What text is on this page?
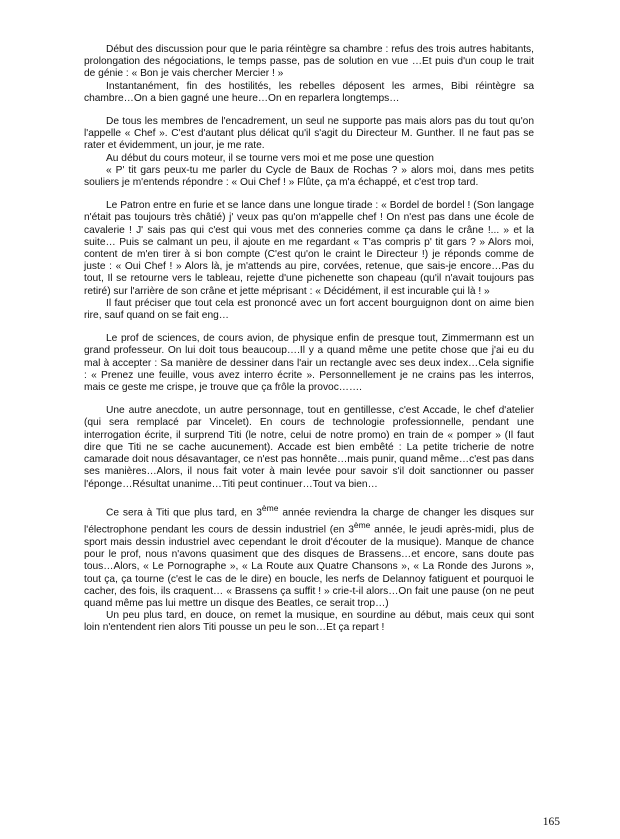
Début des discussion pour que le paria réintègre sa chambre : refus des trois autres habitants, prolongation des négociations, le temps passe, pas de solution en vue …Et puis d'un coup le trait de génie : « Bon je vais chercher Mercier ! »

Instantanément, fin des hostilités, les rebelles déposent les armes, Bibi réintègre sa chambre…On a bien gagné une heure…On en reparlera longtemps…

De tous les membres de l'encadrement, un seul ne supporte pas mais alors pas du tout qu'on l'appelle « Chef ». C'est d'autant plus délicat qu'il s'agit du Directeur M. Gunther. Il ne faut pas se rater et évidemment, un jour, je me rate.

Au début du cours moteur, il se tourne vers moi et me pose une question

« P' tit gars peux-tu me parler du Cycle de Baux de Rochas ? » alors moi, dans mes petits souliers je m'entends répondre : « Oui Chef ! » Flûte, ça m'a échappé, et c'est trop tard.

Le Patron entre en furie et se lance dans une longue tirade : « Bordel de bordel ! (Son langage n'était pas toujours très châtié) j' veux pas qu'on m'appelle chef ! On n'est pas dans une école de cavalerie ! J' sais pas qui c'est qui vous met des conneries comme ça dans le crâne !... » et la suite… Puis se calmant un peu, il ajoute en me regardant « T'as compris p' tit gars ? » Alors moi, content de m'en tirer à si bon compte (C'est qu'on le craint le Directeur !) je réponds comme de juste : « Oui Chef ! » Alors là, je m'attends au pire, corvées, retenue, que sais-je encore…Pas du tout, Il se retourne vers le tableau, rejette d'une pichenette son chapeau (qu'il n'avait toujours pas retiré) sur l'arrière de son crâne et jette méprisant : « Décidément, il est incurable çui là ! »

Il faut préciser que tout cela est prononcé avec un fort accent bourguignon dont on aime bien rire, sauf quand on se fait eng…

Le prof de sciences, de cours avion, de physique enfin de presque tout, Zimmermann est un grand professeur. On lui doit tous beaucoup….Il y a quand même une petite chose que j'ai eu du mal à accepter : Sa manière de dessiner dans l'air un rectangle avec ses deux index…Cela signifie : « Prenez une feuille, vous avez interro écrite ». Personnellement je ne crains pas les interros, mais ce geste me crispe, je trouve que ça frôle la provoc…….

Une autre anecdote, un autre personnage, tout en gentillesse, c'est Accade, le chef d'atelier (qui sera remplacé par Vincelet). En cours de technologie professionnelle, pendant une interrogation écrite, il surprend Titi (le notre, celui de notre promo) en train de « pomper » (Il faut dire que Titi ne se cache aucunement). Accade est bien embêté : La petite tricherie de notre camarade doit nous désavantager, ce n'est pas honnête…mais punir, quand même…c'est pas dans ses manières…Alors, il nous fait voter à main levée pour savoir s'il doit sanctionner ou passer l'éponge…Résultat unanime…Titi peut continuer…Tout va bien…

Ce sera à Titi que plus tard, en 3ème année reviendra la charge de changer les disques sur l'électrophone pendant les cours de dessin industriel (en 3ème année, le jeudi après-midi, plus de sport mais dessin industriel avec cependant le droit d'écouter de la musique). Manque de chance pour le prof, nous n'avons quasiment que des disques de Brassens…et encore, sans doute pas tous…Alors, « Le Pornographe », « La Route aux Quatre Chansons », « La Ronde des Jurons », tout ça, ça tourne (c'est le cas de le dire) en boucle, les nerfs de Delannoy fatiguent et pourquoi le cacher, des fois, ils craquent… « Brassens ça suffit ! » crie-t-il alors…On fait une pause (on ne peut quand même pas lui mettre un disque des Beatles, ce serait trop…)

Un peu plus tard, en douce, on remet la musique, en sourdine au début, mais ceux qui sont loin n'entendent rien alors Titi pousse un peu le son…Et ça repart !

165
